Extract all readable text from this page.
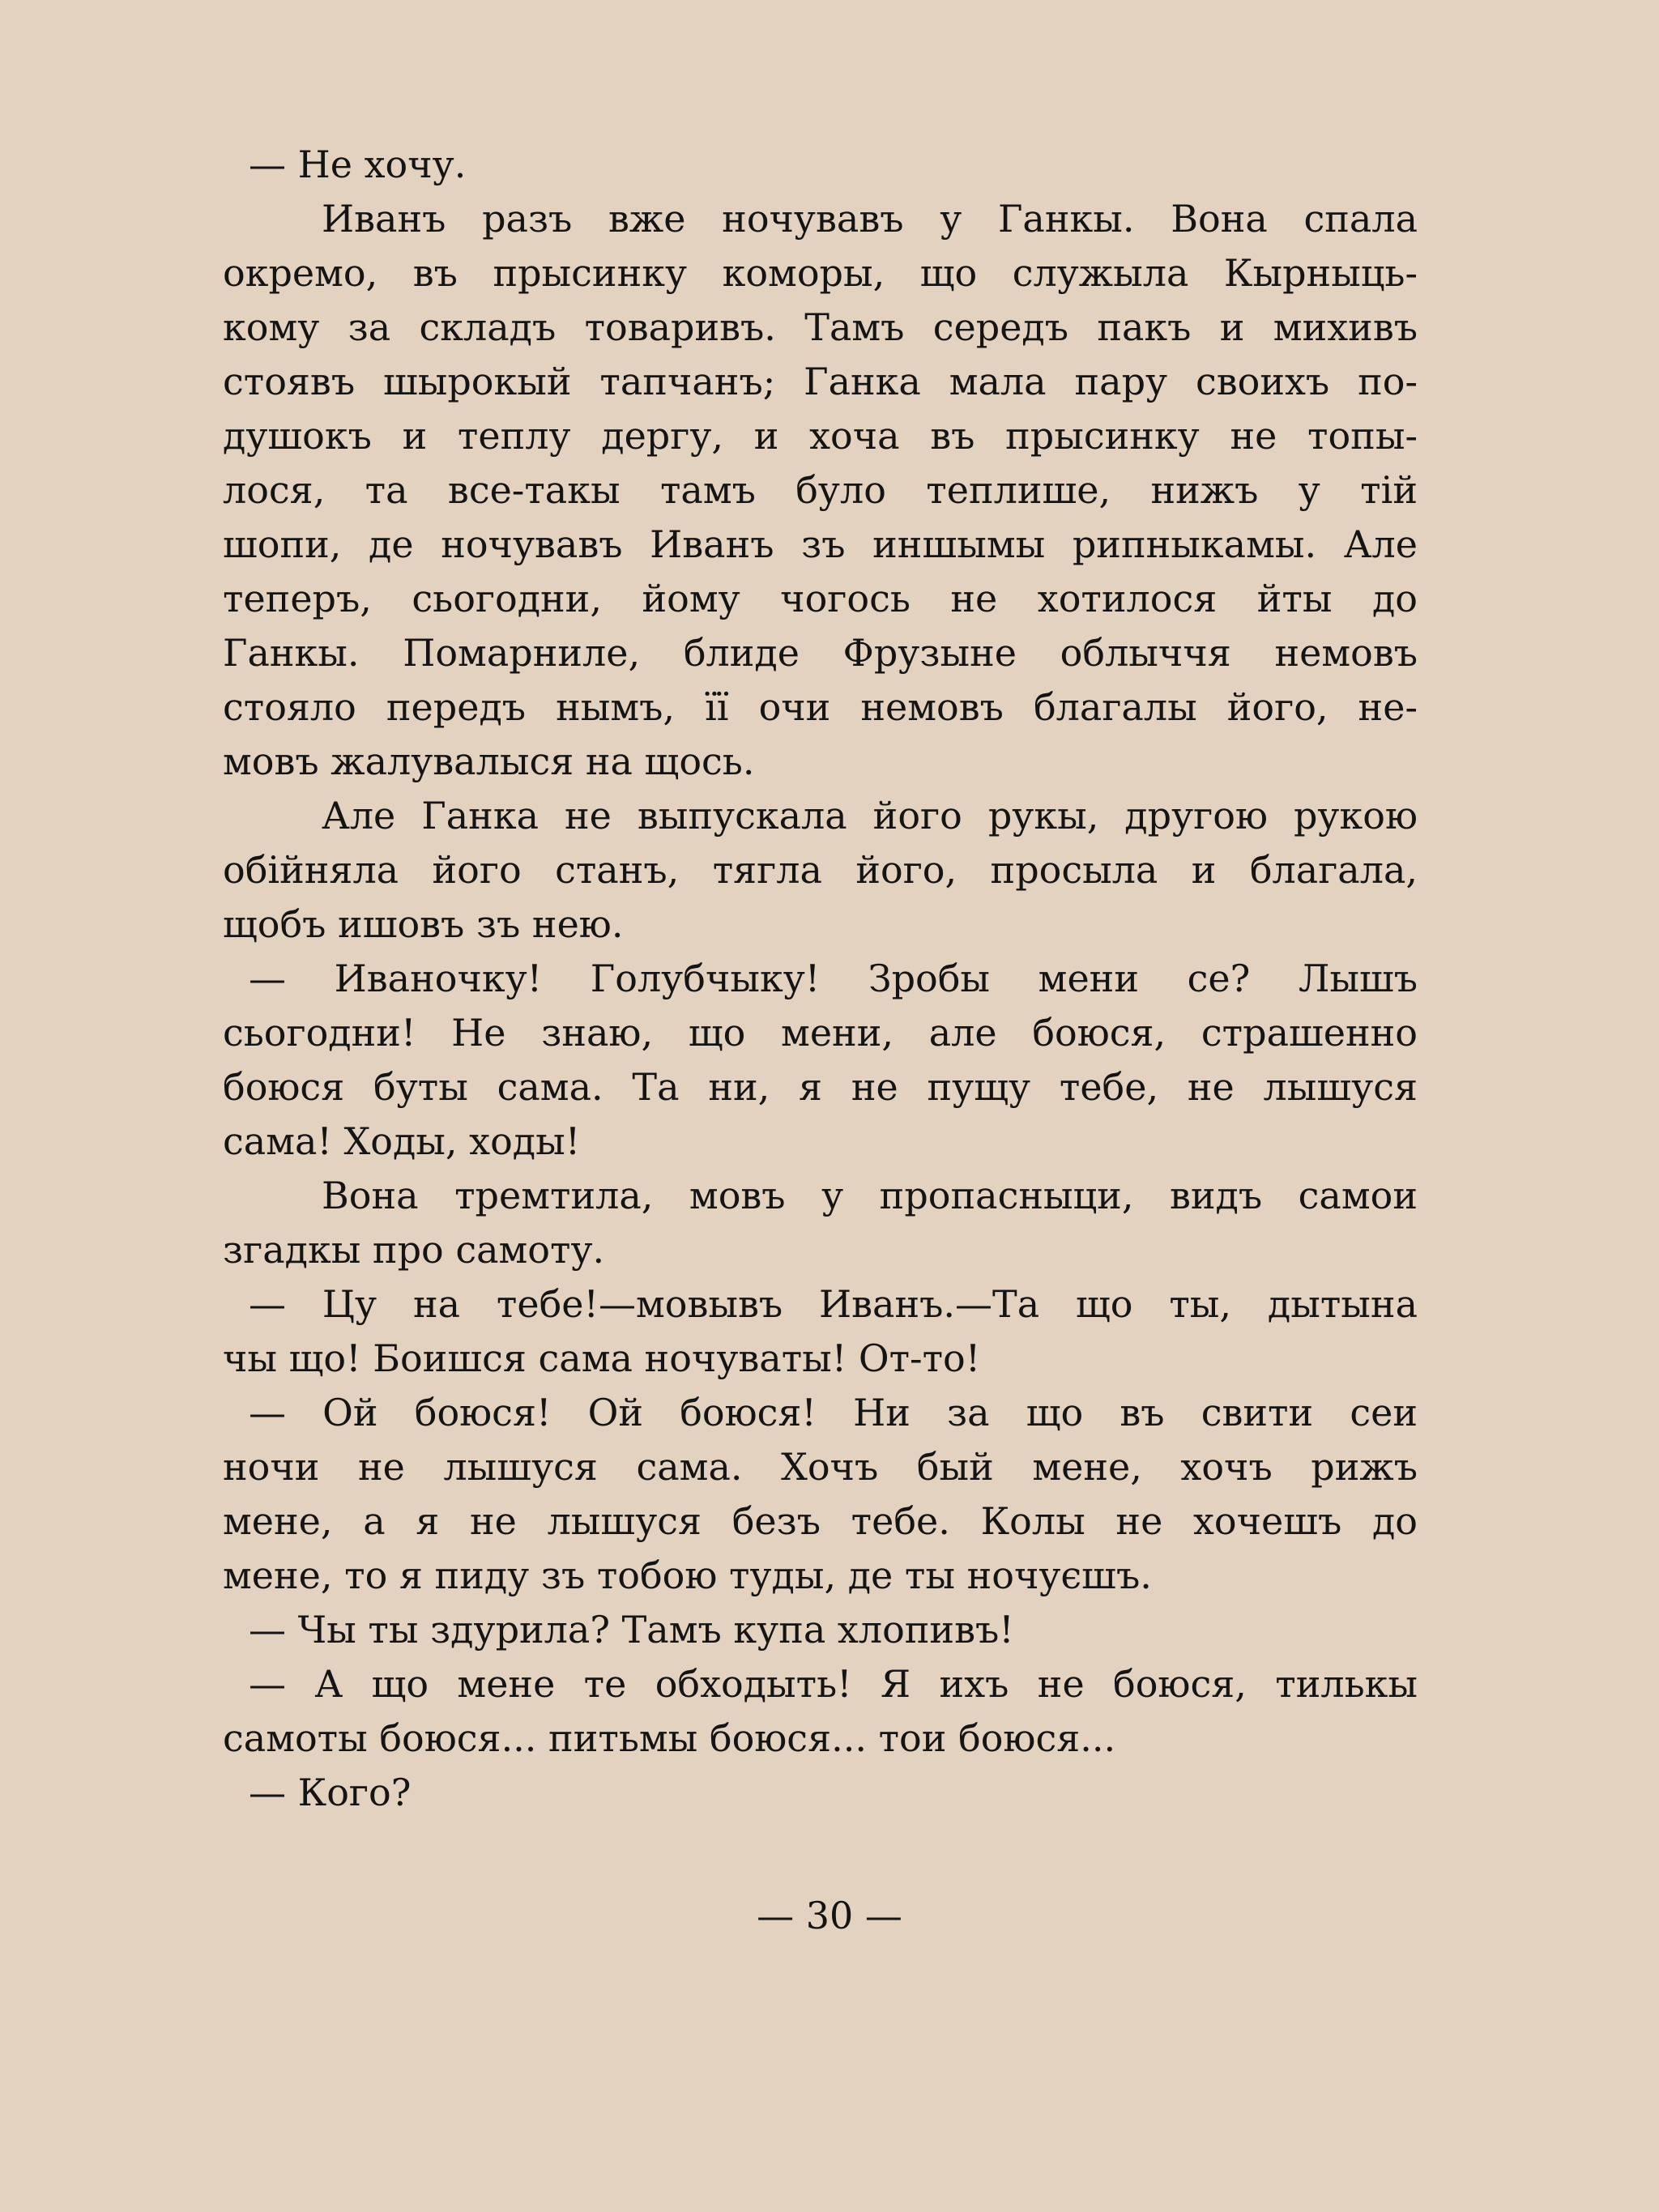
— Не хочу.
Иванъ разъ вже ночувавъ у Ганкы. Вона спала
окремо, въ прысинку коморы, що служыла Кырныць-
кому за складъ товаривъ. Тамъ середъ пакъ и михивъ
стоявъ шырокый тапчанъ; Ганка мала пару своихъ по-
душокъ и теплу дергу, и хоча въ прысинку не топы-
лося, та все-такы тамъ було теплише, нижъ у тій
шопи, де ночувавъ Иванъ зъ иншымы рипныкамы. Але
теперъ, сьогодни, йому чогось не хотилося йты до
Ганкы. Помарниле, блиде Фрузыне облыччя немовъ
стояло передъ нымъ, її очи немовъ благалы його, не-
мовъ жалувалыся на щось.
Але Ганка не выпускала його рукы, другою рукою
обійняла його станъ, тягла його, просыла и благала,
щобъ ишовъ зъ нею.
— Иваночку! Голубчыку! Зробы мени се? Лышъ
сьогодни! Не знаю, що мени, але боюся, страшенно
боюся буты сама. Та ни, я не пущу тебе, не лышуся
сама! Ходы, ходы!
Вона тремтила, мовъ у пропасныци, видъ самои
згадкы про самоту.
— Цу на тебе!—мовывъ Иванъ.—Та що ты, дытына
чы що! Боишся сама ночуваты! От-то!
— Ой боюся! Ой боюся! Ни за що въ свити сеи
ночи не лышуся сама. Хочъ бый мене, хочъ рижъ
мене, а я не лышуся безъ тебе. Колы не хочешъ до
мене, то я пиду зъ тобою туды, де ты ночуєшъ.
— Чы ты здурила? Тамъ купа хлопивъ!
— А що мене те обходыть! Я ихъ не боюся, тилькы
самоты боюся... питьмы боюся... тои боюся...
— Кого?
— 30 —
